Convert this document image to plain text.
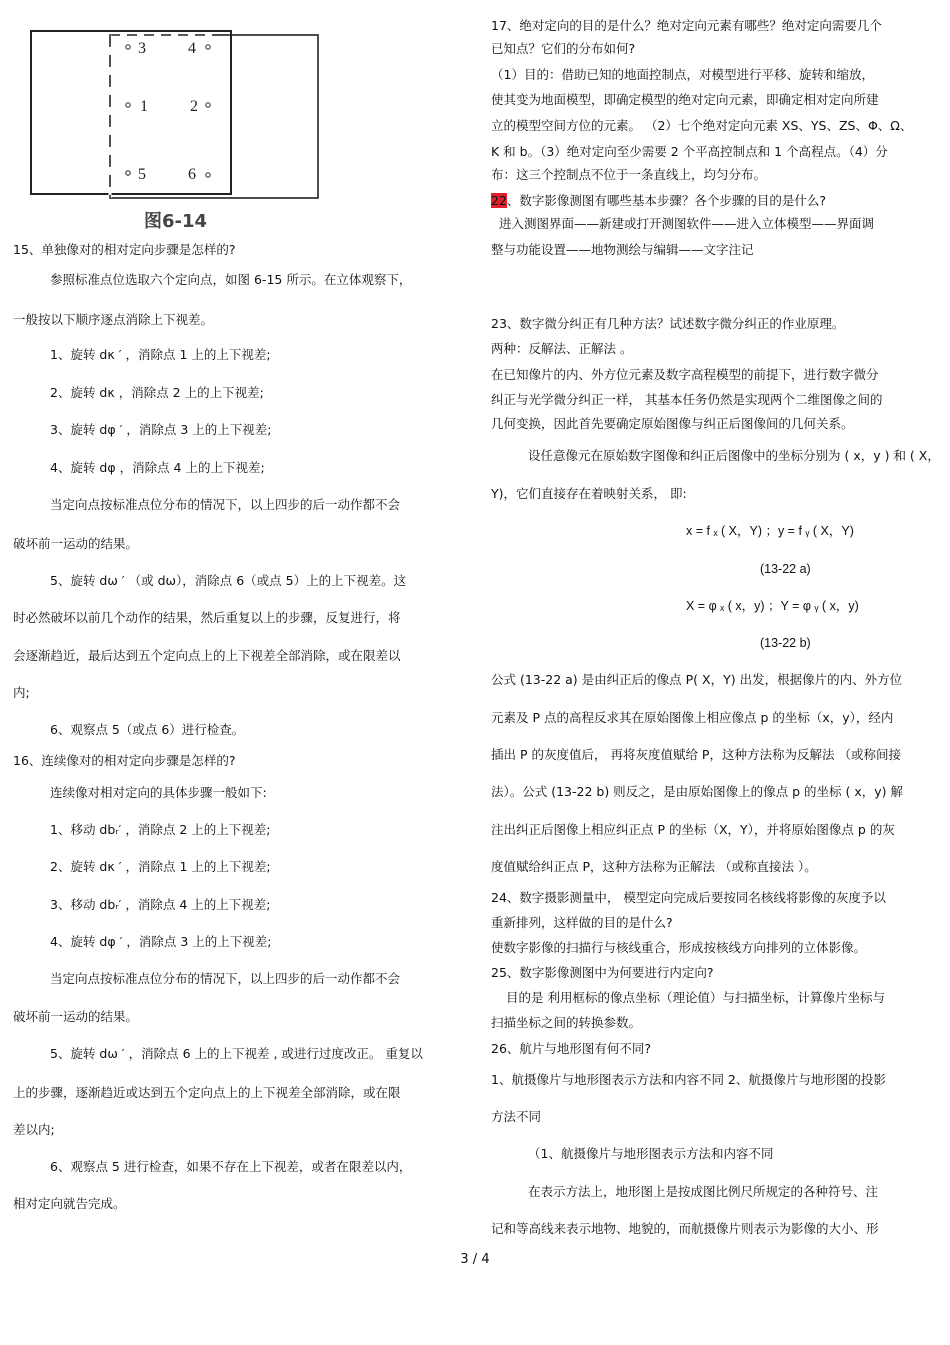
3	4
1	2
5	6
图6-14
15、单独像对的相对定向步骤是怎样的?
参照标准点位选取六个定向点，如图 6-15 所示。在立体观察下，
一般按以下顺序逐点消除上下视差。
1、旋转 dκ ′ ，消除点 1 上的上下视差;
2、旋转 dκ ，消除点 2 上的上下视差;
3、旋转 dφ ′ ，消除点 3 上的上下视差;
4、旋转 dφ ，消除点 4 上的上下视差;
当定向点按标准点位分布的情况下，以上四步的后一动作都不会
破坏前一运动的结果。
5、旋转 dω ′ （或 dω），消除点 6（或点 5）上的上下视差。这
时必然破坏以前几个动作的结果，然后重复以上的步骤，反复进行，将
会逐渐趋近，最后达到五个定向点上的上下视差全部消除，或在限差以
内;
6、观察点 5（或点 6）进行检查。
16、连续像对的相对定向步骤是怎样的?
连续像对相对定向的具体步骤一般如下:
1、移动 dbᵣ′ ，消除点 2 上的上下视差;
2、旋转 dκ ′ ，消除点 1 上的上下视差;
3、移动 dbᵣ′ ，消除点 4 上的上下视差;
4、旋转 dφ ′ ，消除点 3 上的上下视差;
当定向点按标准点位分布的情况下，以上四步的后一动作都不会
破坏前一运动的结果。
5、旋转 dω ′ ，消除点 6 上的上下视差 , 或进行过度改正。 重复以
上的步骤，逐渐趋近或达到五个定向点上的上下视差全部消除，或在限
差以内;
6、观察点 5 进行检查，如果不存在上下视差，或者在限差以内，
相对定向就告完成。
17、绝对定向的目的是什么？绝对定向元素有哪些？绝对定向需要几个
已知点？它们的分布如何?
（1）目的：借助已知的地面控制点，对模型进行平移、旋转和缩放，
使其变为地面模型，即确定模型的绝对定向元素，即确定相对定向所建
立的模型空间方位的元素。 （2）七个绝对定向元素 XS、YS、ZS、Φ、Ω、
K 和 b。（3）绝对定向至少需要 2 个平高控制点和 1 个高程点。（4）分
布：这三个控制点不位于一条直线上，均匀分布。
22、数字影像测图有哪些基本步骤？各个步骤的目的是什么?
进入测图界面——新建或打开测图软件——进入立体模型——界面调
整与功能设置——地物测绘与编辑——文字注记
23、数字微分纠正有几种方法？试述数字微分纠正的作业原理。
两种：反解法、正解法 。
在已知像片的内、外方位元素及数字高程模型的前提下，进行数字微分
纠正与光学微分纠正一样， 其基本任务仍然是实现两个二维图像之间的
几何变换，因此首先要确定原始图像与纠正后图像间的几何关系。
设任意像元在原始数字图像和纠正后图像中的坐标分别为 ( x，y ) 和 ( X，
Y)，它们直接存在着映射关系， 即:
x = f ₓ ( X，Y) ；y = f ᵧ ( X，Y)
(13-22 a)
X = φ ₓ ( x，y) ；Y = φ ᵧ ( x，y)
(13-22 b)
公式 (13-22 a) 是由纠正后的像点 P( X，Y) 出发，根据像片的内、外方位
元素及 P 点的高程反求其在原始图像上相应像点 p 的坐标（x，y），经内
插出 P 的灰度值后， 再将灰度值赋给 P，这种方法称为反解法 （或称间接
法）。公式 (13-22 b) 则反之，是由原始图像上的像点 p 的坐标 ( x，y) 解
注出纠正后图像上相应纠正点 P 的坐标（X，Y），并将原始图像点 p 的灰
度值赋给纠正点 P，这种方法称为正解法 （或称直接法 ）。
24、数字摄影测量中， 模型定向完成后要按同名核线将影像的灰度予以
重新排列，这样做的目的是什么?
使数字影像的扫描行与核线重合，形成按核线方向排列的立体影像。
25、数字影像测图中为何要进行内定向?
目的是 利用框标的像点坐标（理论值）与扫描坐标，计算像片坐标与
扫描坐标之间的转换参数。
26、航片与地形图有何不同?
1、航摄像片与地形图表示方法和内容不同 2、航摄像片与地形图的投影
方法不同
（1、航摄像片与地形图表示方法和内容不同
在表示方法上，地形图上是按成图比例尺所规定的各种符号、注
记和等高线来表示地物、地貌的，而航摄像片则表示为影像的大小、形
3 / 4
